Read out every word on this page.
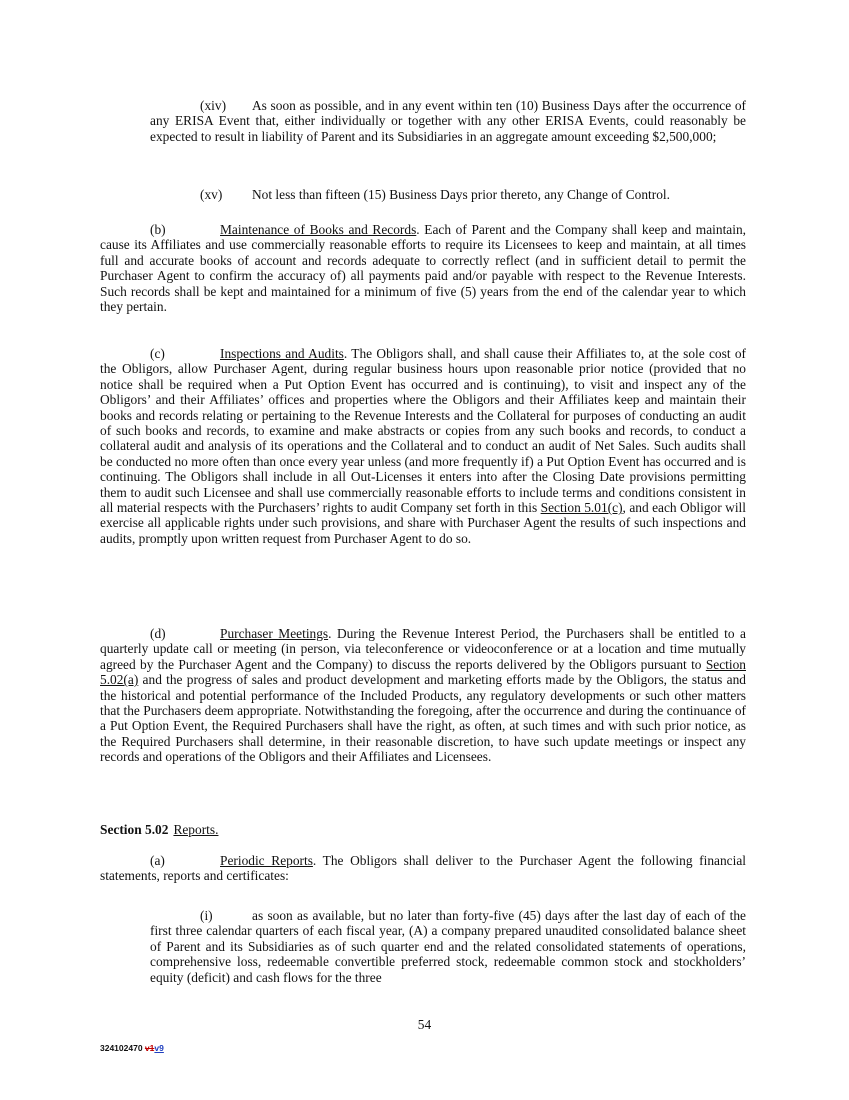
(xiv) As soon as possible, and in any event within ten (10) Business Days after the occurrence of any ERISA Event that, either individually or together with any other ERISA Events, could reasonably be expected to result in liability of Parent and its Subsidiaries in an aggregate amount exceeding $2,500,000;

(xv) Not less than fifteen (15) Business Days prior thereto, any Change of Control.

(b)	Maintenance of Books and Records. Each of Parent and the Company shall keep and maintain, cause its Affiliates and use commercially reasonable efforts to require its Licensees to keep and maintain, at all times full and accurate books of account and records adequate to correctly reflect (and in sufficient detail to permit the Purchaser Agent to confirm the accuracy of) all payments paid and/or payable with respect to the Revenue Interests. Such records shall be kept and maintained for a minimum of five (5) years from the end of the calendar year to which they pertain.

(c)	Inspections and Audits. The Obligors shall, and shall cause their Affiliates to, at the sole cost of the Obligors, allow Purchaser Agent, during regular business hours upon reasonable prior notice (provided that no notice shall be required when a Put Option Event has occurred and is continuing), to visit and inspect any of the Obligors’ and their Affiliates’ offices and properties where the Obligors and their Affiliates keep and maintain their books and records relating or pertaining to the Revenue Interests and the Collateral for purposes of conducting an audit of such books and records, to examine and make abstracts or copies from any such books and records, to conduct a collateral audit and analysis of its operations and the Collateral and to conduct an audit of Net Sales. Such audits shall be conducted no more often than once every year unless (and more frequently if) a Put Option Event has occurred and is continuing. The Obligors shall include in all Out-Licenses it enters into after the Closing Date provisions permitting them to audit such Licensee and shall use commercially reasonable efforts to include terms and conditions consistent in all material respects with the Purchasers’ rights to audit Company set forth in this Section 5.01(c), and each Obligor will exercise all applicable rights under such provisions, and share with Purchaser Agent the results of such inspections and audits, promptly upon written request from Purchaser Agent to do so.

(d)	Purchaser Meetings. During the Revenue Interest Period, the Purchasers shall be entitled to a quarterly update call or meeting (in person, via teleconference or videoconference or at a location and time mutually agreed by the Purchaser Agent and the Company) to discuss the reports delivered by the Obligors pursuant to Section 5.02(a) and the progress of sales and product development and marketing efforts made by the Obligors, the status and the historical and potential performance of the Included Products, any regulatory developments or such other matters that the Purchasers deem appropriate. Notwithstanding the foregoing, after the occurrence and during the continuance of a Put Option Event, the Required Purchasers shall have the right, as often, at such times and with such prior notice, as the Required Purchasers shall determine, in their reasonable discretion, to have such update meetings or inspect any records and operations of the Obligors and their Affiliates and Licensees.

Section 5.02 Reports.

(a)	Periodic Reports. The Obligors shall deliver to the Purchaser Agent the following financial statements, reports and certificates:

(i)	as soon as available, but no later than forty-five (45) days after the last day of each of the first three calendar quarters of each fiscal year, (A) a company prepared unaudited consolidated balance sheet of Parent and its Subsidiaries as of such quarter end and the related consolidated statements of operations, comprehensive loss, redeemable convertible preferred stock, redeemable common stock and stockholders’ equity (deficit) and cash flows for the three

54

324102470 v1v9
